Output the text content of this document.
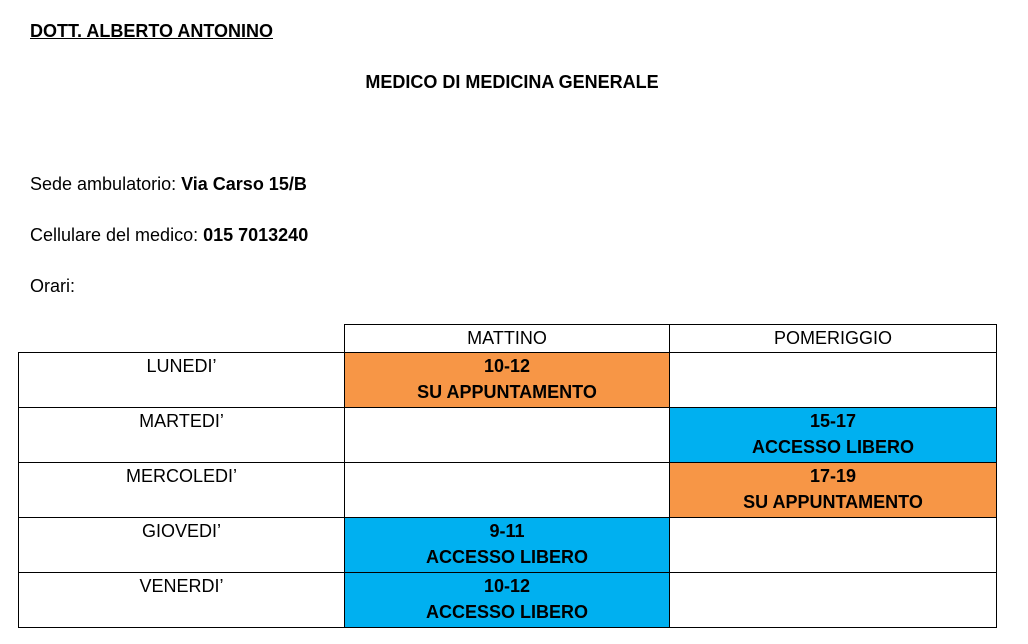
DOTT. ALBERTO ANTONINO

MEDICO DI MEDICINA GENERALE

Sede ambulatorio: Via Carso 15/B

Cellulare del medico: 015 7013240

Orari:

	MATTINO	POMERIGGIO
LUNEDI’	10-12
SU APPUNTAMENTO	

MARTEDI’		15-17
ACCESSO LIBERO

MERCOLEDI’		17-19
SU APPUNTAMENTO

GIOVEDI’	9-11
ACCESSO LIBERO	

VENERDI’	10-12
ACCESSO LIBERO	
